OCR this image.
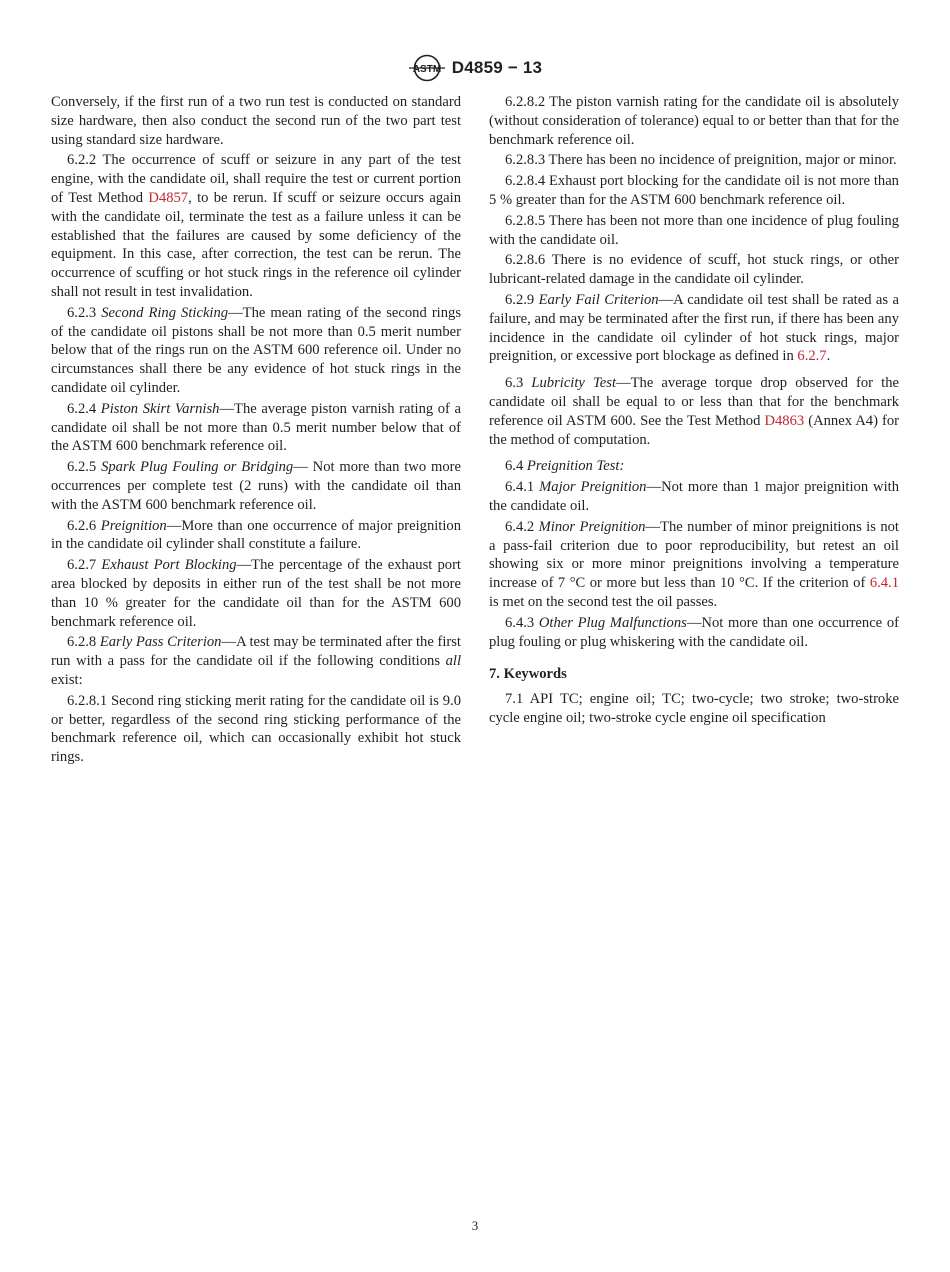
ASTM D4859 − 13

Conversely, if the first run of a two run test is conducted on standard size hardware, then also conduct the second run of the two part test using standard size hardware.

6.2.2 The occurrence of scuff or seizure in any part of the test engine, with the candidate oil, shall require the test or current portion of Test Method D4857, to be rerun. If scuff or seizure occurs again with the candidate oil, terminate the test as a failure unless it can be established that the failures are caused by some deficiency of the equipment. In this case, after correction, the test can be rerun. The occurrence of scuffing or hot stuck rings in the reference oil cylinder shall not result in test invalidation.

6.2.3 Second Ring Sticking—The mean rating of the second rings of the candidate oil pistons shall be not more than 0.5 merit number below that of the rings run on the ASTM 600 reference oil. Under no circumstances shall there be any evidence of hot stuck rings in the candidate oil cylinder.

6.2.4 Piston Skirt Varnish—The average piston varnish rating of a candidate oil shall be not more than 0.5 merit number below that of the ASTM 600 benchmark reference oil.

6.2.5 Spark Plug Fouling or Bridging— Not more than two more occurrences per complete test (2 runs) with the candidate oil than with the ASTM 600 benchmark reference oil.

6.2.6 Preignition—More than one occurrence of major preignition in the candidate oil cylinder shall constitute a failure.

6.2.7 Exhaust Port Blocking—The percentage of the exhaust port area blocked by deposits in either run of the test shall be not more than 10 % greater for the candidate oil than for the ASTM 600 benchmark reference oil.

6.2.8 Early Pass Criterion—A test may be terminated after the first run with a pass for the candidate oil if the following conditions all exist:

6.2.8.1 Second ring sticking merit rating for the candidate oil is 9.0 or better, regardless of the second ring sticking performance of the benchmark reference oil, which can occasionally exhibit hot stuck rings.

6.2.8.2 The piston varnish rating for the candidate oil is absolutely (without consideration of tolerance) equal to or better than that for the benchmark reference oil.

6.2.8.3 There has been no incidence of preignition, major or minor.

6.2.8.4 Exhaust port blocking for the candidate oil is not more than 5 % greater than for the ASTM 600 benchmark reference oil.

6.2.8.5 There has been not more than one incidence of plug fouling with the candidate oil.

6.2.8.6 There is no evidence of scuff, hot stuck rings, or other lubricant-related damage in the candidate oil cylinder.

6.2.9 Early Fail Criterion—A candidate oil test shall be rated as a failure, and may be terminated after the first run, if there has been any incidence in the candidate oil cylinder of hot stuck rings, major preignition, or excessive port blockage as defined in 6.2.7.

6.3 Lubricity Test—The average torque drop observed for the candidate oil shall be equal to or less than that for the benchmark reference oil ASTM 600. See the Test Method D4863 (Annex A4) for the method of computation.

6.4 Preignition Test:

6.4.1 Major Preignition—Not more than 1 major preignition with the candidate oil.

6.4.2 Minor Preignition—The number of minor preignitions is not a pass-fail criterion due to poor reproducibility, but retest an oil showing six or more minor preignitions involving a temperature increase of 7 °C or more but less than 10 °C. If the criterion of 6.4.1 is met on the second test the oil passes.

6.4.3 Other Plug Malfunctions—Not more than one occurrence of plug fouling or plug whiskering with the candidate oil.

7. Keywords

7.1 API TC; engine oil; TC; two-cycle; two stroke; two-stroke cycle engine oil; two-stroke cycle engine oil specification

3
